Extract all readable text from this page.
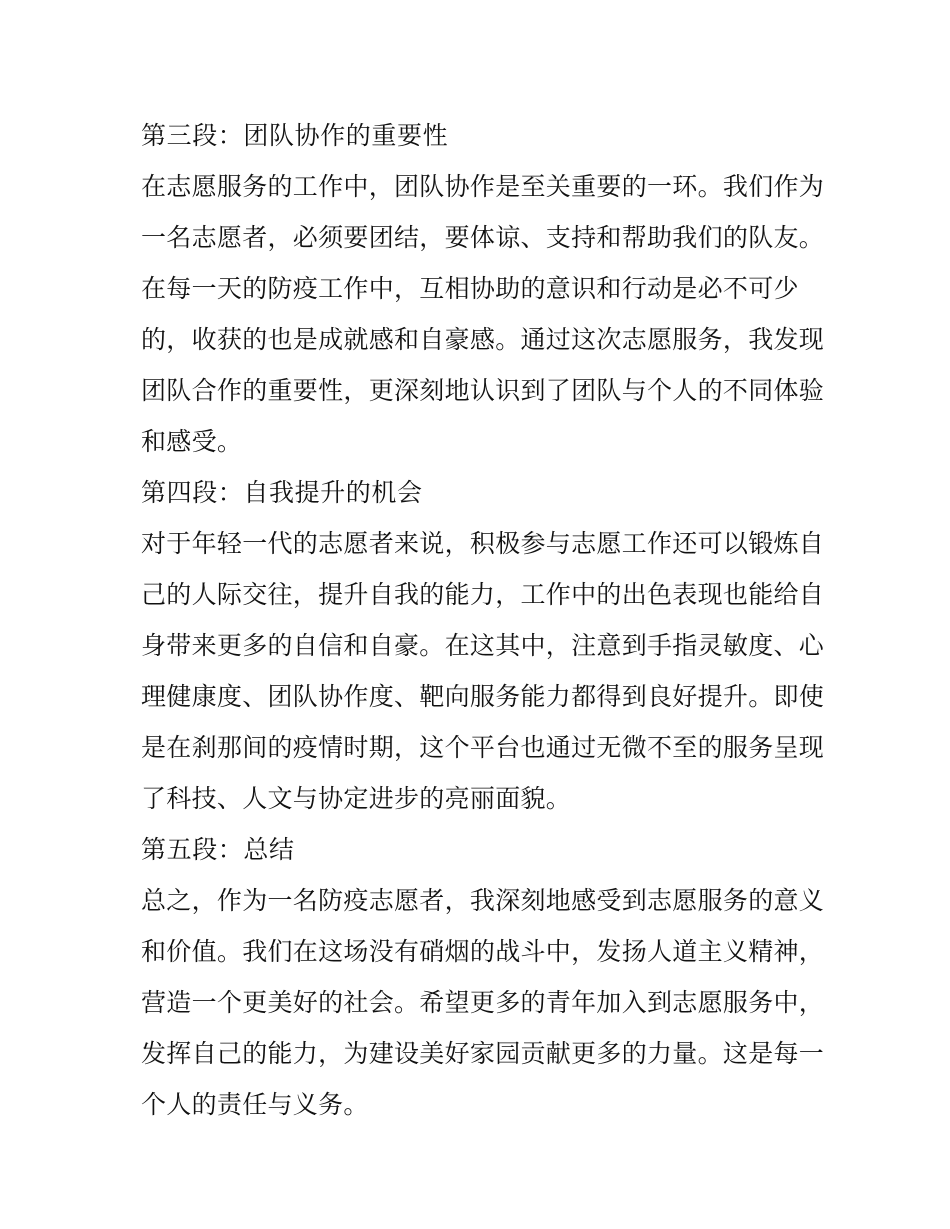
第三段：团队协作的重要性
在志愿服务的工作中，团队协作是至关重要的一环。我们作为
一名志愿者，必须要团结，要体谅、支持和帮助我们的队友。
在每一天的防疫工作中，互相协助的意识和行动是必不可少
的，收获的也是成就感和自豪感。通过这次志愿服务，我发现
团队合作的重要性，更深刻地认识到了团队与个人的不同体验
和感受。
第四段：自我提升的机会
对于年轻一代的志愿者来说，积极参与志愿工作还可以锻炼自
己的人际交往，提升自我的能力，工作中的出色表现也能给自
身带来更多的自信和自豪。在这其中，注意到手指灵敏度、心
理健康度、团队协作度、靶向服务能力都得到良好提升。即使
是在刹那间的疫情时期，这个平台也通过无微不至的服务呈现
了科技、人文与协定进步的亮丽面貌。
第五段：总结
总之，作为一名防疫志愿者，我深刻地感受到志愿服务的意义
和价值。我们在这场没有硝烟的战斗中，发扬人道主义精神，
营造一个更美好的社会。希望更多的青年加入到志愿服务中，
发挥自己的能力，为建设美好家园贡献更多的力量。这是每一
个人的责任与义务。
